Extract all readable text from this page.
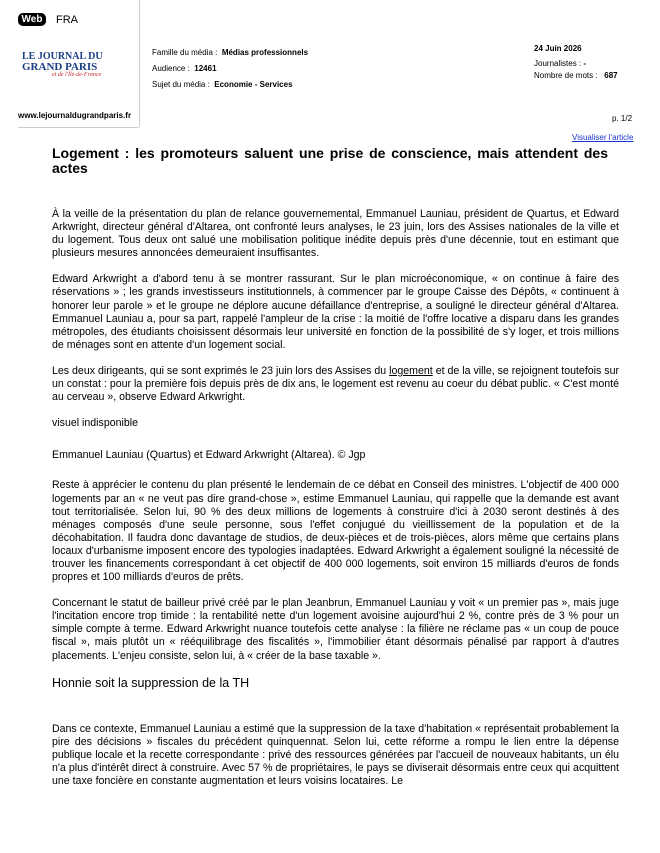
Web	FRA
LE JOURNAL DU
GRAND PARIS
et de l'Île-de-France
www.lejournaldugrandparis.fr
Famille du média : Médias professionnels
Audience : 12461
Sujet du média : Economie - Services
24 Juin 2026
Journalistes : -
Nombre de mots : 687
p. 1/2
Visualiser l'article
Logement : les promoteurs saluent une prise de conscience, mais attendent des actes

À la veille de la présentation du plan de relance gouvernemental, Emmanuel Launiau, président de Quartus, et Edward Arkwright, directeur général d'Altarea, ont confronté leurs analyses, le 23 juin, lors des Assises nationales de la ville et du logement. Tous deux ont salué une mobilisation politique inédite depuis près d'une décennie, tout en estimant que plusieurs mesures annoncées demeuraient insuffisantes.

Edward Arkwright a d'abord tenu à se montrer rassurant. Sur le plan microéconomique, « on continue à faire des réservations » ; les grands investisseurs institutionnels, à commencer par le groupe Caisse des Dépôts, « continuent à honorer leur parole » et le groupe ne déplore aucune défaillance d'entreprise, a souligné le directeur général d'Altarea. Emmanuel Launiau a, pour sa part, rappelé l'ampleur de la crise : la moitié de l'offre locative a disparu dans les grandes métropoles, des étudiants choisissent désormais leur université en fonction de la possibilité de s'y loger, et trois millions de ménages sont en attente d'un logement social.

Les deux dirigeants, qui se sont exprimés le 23 juin lors des Assises du logement et de la ville, se rejoignent toutefois sur un constat : pour la première fois depuis près de dix ans, le logement est revenu au coeur du débat public. « C'est monté au cerveau », observe Edward Arkwright.

visuel indisponible

Emmanuel Launiau (Quartus) et Edward Arkwright (Altarea). © Jgp

Reste à apprécier le contenu du plan présenté le lendemain de ce débat en Conseil des ministres. L'objectif de 400 000 logements par an « ne veut pas dire grand-chose », estime Emmanuel Launiau, qui rappelle que la demande est avant tout territorialisée. Selon lui, 90 % des deux millions de logements à construire d'ici à 2030 seront destinés à des ménages composés d'une seule personne, sous l'effet conjugué du vieillissement de la population et de la décohabitation. Il faudra donc davantage de studios, de deux-pièces et de trois-pièces, alors même que certains plans locaux d'urbanisme imposent encore des typologies inadaptées. Edward Arkwright a également souligné la nécessité de trouver les financements correspondant à cet objectif de 400 000 logements, soit environ 15 milliards d'euros de fonds propres et 100 milliards d'euros de prêts.

Concernant le statut de bailleur privé créé par le plan Jeanbrun, Emmanuel Launiau y voit « un premier pas », mais juge l'incitation encore trop timide : la rentabilité nette d'un logement avoisine aujourd'hui 2 %, contre près de 3 % pour un simple compte à terme. Edward Arkwright nuance toutefois cette analyse : la filière ne réclame pas « un coup de pouce fiscal », mais plutôt un « rééquilibrage des fiscalités », l'immobilier étant désormais pénalisé par rapport à d'autres placements. L'enjeu consiste, selon lui, à « créer de la base taxable ».

Honnie soit la suppression de la TH

Dans ce contexte, Emmanuel Launiau a estimé que la suppression de la taxe d'habitation « représentait probablement la pire des décisions » fiscales du précédent quinquennat. Selon lui, cette réforme a rompu le lien entre la dépense publique locale et la recette correspondante : privé des ressources générées par l'accueil de nouveaux habitants, un élu n'a plus d'intérêt direct à construire. Avec 57 % de propriétaires, le pays se diviserait désormais entre ceux qui acquittent une taxe foncière en constante augmentation et leurs voisins locataires. Le
